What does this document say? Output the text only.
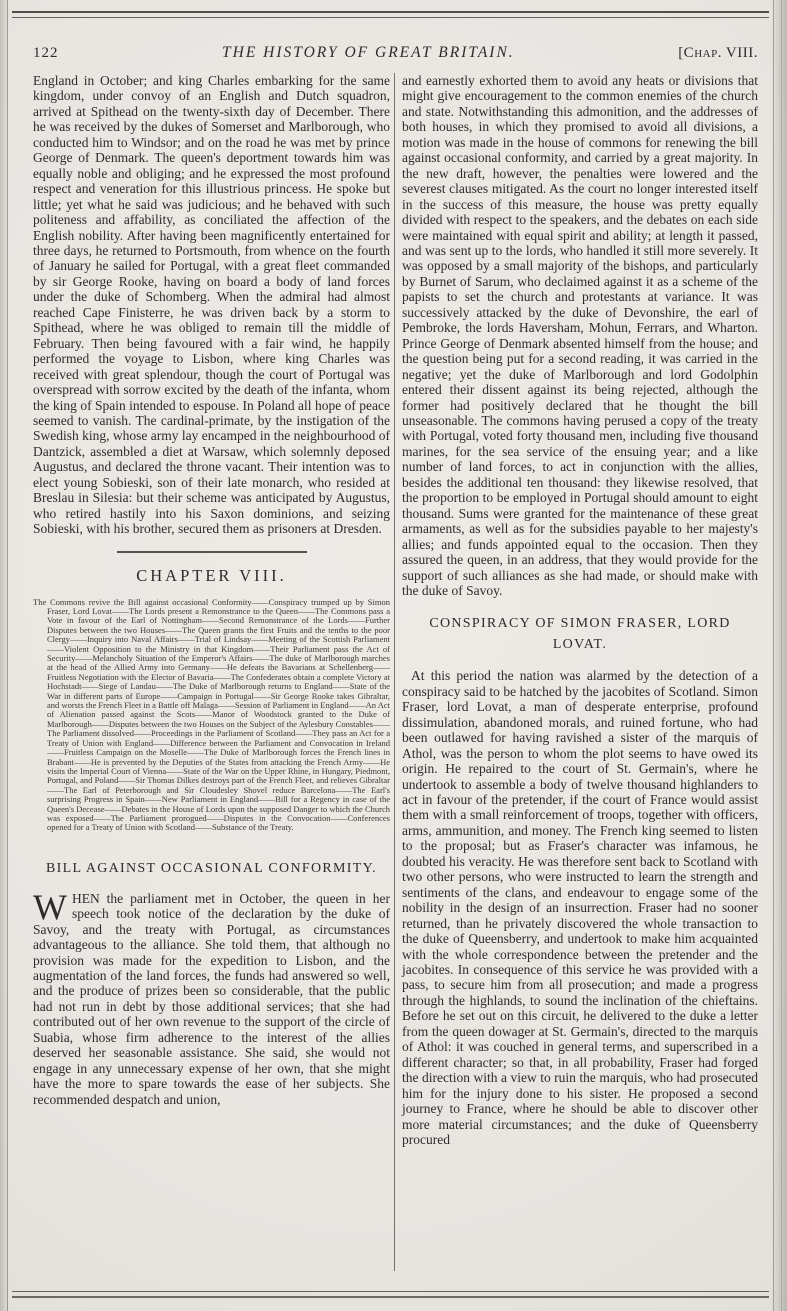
122	THE HISTORY OF GREAT BRITAIN.	[Chap. VIII.

England in October; and king Charles embarking for the same kingdom, under convoy of an English and Dutch squadron, arrived at Spithead on the twenty-sixth day of December. There he was received by the dukes of Somerset and Marlborough, who conducted him to Windsor; and on the road he was met by prince George of Denmark. The queen's deportment towards him was equally noble and obliging; and he expressed the most profound respect and veneration for this illustrious princess. He spoke but little; yet what he said was judicious; and he behaved with such politeness and affability, as conciliated the affection of the English nobility. After having been magnificently entertained for three days, he returned to Portsmouth, from whence on the fourth of January he sailed for Portugal, with a great fleet commanded by sir George Rooke, having on board a body of land forces under the duke of Schomberg. When the admiral had almost reached Cape Finisterre, he was driven back by a storm to Spithead, where he was obliged to remain till the middle of February. Then being favoured with a fair wind, he happily performed the voyage to Lisbon, where king Charles was received with great splendour, though the court of Portugal was overspread with sorrow excited by the death of the infanta, whom the king of Spain intended to espouse. In Poland all hope of peace seemed to vanish. The cardinal-primate, by the instigation of the Swedish king, whose army lay encamped in the neighbourhood of Dantzick, assembled a diet at Warsaw, which solemnly deposed Augustus, and declared the throne vacant. Their intention was to elect young Sobieski, son of their late monarch, who resided at Breslau in Silesia: but their scheme was anticipated by Augustus, who retired hastily into his Saxon dominions, and seizing Sobieski, with his brother, secured them as prisoners at Dresden.

CHAPTER VIII.

The Commons revive the Bill against occasional Conformity——Conspiracy trumped up by Simon Fraser, Lord Lovat——The Lords present a Remonstrance to the Queen——The Commons pass a Vote in favour of the Earl of Nottingham——Second Remonstrance of the Lords——Further Disputes between the two Houses——The Queen grants the first Fruits and the tenths to the poor Clergy——Inquiry into Naval Affairs——Trial of Lindsay——Meeting of the Scottish Parliament——Violent Opposition to the Ministry in that Kingdom——Their Parliament pass the Act of Security——Melancholy Situation of the Emperor's Affairs——The duke of Marlborough marches at the head of the Allied Army into Germany——He defeats the Bavarians at Schellenberg——Fruitless Negotiation with the Elector of Bavaria——The Confederates obtain a complete Victory at Hochstadt——Siege of Landau——The Duke of Marlborough returns to England——State of the War in different parts of Europe——Campaign in Portugal——Sir George Rooke takes Gibraltar, and worsts the French Fleet in a Battle off Malaga——Session of Parliament in England——An Act of Alienation passed against the Scots——Manor of Woodstock granted to the Duke of Marlborough——Disputes between the two Houses on the Subject of the Aylesbury Constables——The Parliament dissolved——Proceedings in the Parliament of Scotland——They pass an Act for a Treaty of Union with England——Difference between the Parliament and Convocation in Ireland——Fruitless Campaign on the Moselle——The Duke of Marlborough forces the French lines in Brabant——He is prevented by the Deputies of the States from attacking the French Army——He visits the Imperial Court of Vienna——State of the War on the Upper Rhine, in Hungary, Piedmont, Portugal, and Poland——Sir Thomas Dilkes destroys part of the French Fleet, and relieves Gibraltar——The Earl of Peterborough and Sir Cloudesley Shovel reduce Barcelona——The Earl's surprising Progress in Spain——New Parliament in England——Bill for a Regency in case of the Queen's Decease——Debates in the House of Lords upon the supposed Danger to which the Church was exposed——The Parliament prorogued——Disputes in the Convocation——Conferences opened for a Treaty of Union with Scotland——Substance of the Treaty.

BILL AGAINST OCCASIONAL CONFORMITY.

WHEN the parliament met in October, the queen in her speech took notice of the declaration by the duke of Savoy, and the treaty with Portugal, as circumstances advantageous to the alliance. She told them, that although no provision was made for the expedition to Lisbon, and the augmentation of the land forces, the funds had answered so well, and the produce of prizes been so considerable, that the public had not run in debt by those additional services; that she had contributed out of her own revenue to the support of the circle of Suabia, whose firm adherence to the interest of the allies deserved her seasonable assistance. She said, she would not engage in any unnecessary expense of her own, that she might have the more to spare towards the ease of her subjects. She recommended despatch and union,

and earnestly exhorted them to avoid any heats or divisions that might give encouragement to the common enemies of the church and state. Notwithstanding this admonition, and the addresses of both houses, in which they promised to avoid all divisions, a motion was made in the house of commons for renewing the bill against occasional conformity, and carried by a great majority. In the new draft, however, the penalties were lowered and the severest clauses mitigated. As the court no longer interested itself in the success of this measure, the house was pretty equally divided with respect to the speakers, and the debates on each side were maintained with equal spirit and ability; at length it passed, and was sent up to the lords, who handled it still more severely. It was opposed by a small majority of the bishops, and particularly by Burnet of Sarum, who declaimed against it as a scheme of the papists to set the church and protestants at variance. It was successively attacked by the duke of Devonshire, the earl of Pembroke, the lords Haversham, Mohun, Ferrars, and Wharton. Prince George of Denmark absented himself from the house; and the question being put for a second reading, it was carried in the negative; yet the duke of Marlborough and lord Godolphin entered their dissent against its being rejected, although the former had positively declared that he thought the bill unseasonable. The commons having perused a copy of the treaty with Portugal, voted forty thousand men, including five thousand marines, for the sea service of the ensuing year; and a like number of land forces, to act in conjunction with the allies, besides the additional ten thousand: they likewise resolved, that the proportion to be employed in Portugal should amount to eight thousand. Sums were granted for the maintenance of these great armaments, as well as for the subsidies payable to her majesty's allies; and funds appointed equal to the occasion. Then they assured the queen, in an address, that they would provide for the support of such alliances as she had made, or should make with the duke of Savoy.

CONSPIRACY OF SIMON FRASER, LORD LOVAT.

At this period the nation was alarmed by the detection of a conspiracy said to be hatched by the jacobites of Scotland. Simon Fraser, lord Lovat, a man of desperate enterprise, profound dissimulation, abandoned morals, and ruined fortune, who had been outlawed for having ravished a sister of the marquis of Athol, was the person to whom the plot seems to have owed its origin. He repaired to the court of St. Germain's, where he undertook to assemble a body of twelve thousand highlanders to act in favour of the pretender, if the court of France would assist them with a small reinforcement of troops, together with officers, arms, ammunition, and money. The French king seemed to listen to the proposal; but as Fraser's character was infamous, he doubted his veracity. He was therefore sent back to Scotland with two other persons, who were instructed to learn the strength and sentiments of the clans, and endeavour to engage some of the nobility in the design of an insurrection. Fraser had no sooner returned, than he privately discovered the whole transaction to the duke of Queensberry, and undertook to make him acquainted with the whole correspondence between the pretender and the jacobites. In consequence of this service he was provided with a pass, to secure him from all prosecution; and made a progress through the highlands, to sound the inclination of the chieftains. Before he set out on this circuit, he delivered to the duke a letter from the queen dowager at St. Germain's, directed to the marquis of Athol: it was couched in general terms, and superscribed in a different character; so that, in all probability, Fraser had forged the direction with a view to ruin the marquis, who had prosecuted him for the injury done to his sister. He proposed a second journey to France, where he should be able to discover other more material circumstances; and the duke of Queensberry procured
